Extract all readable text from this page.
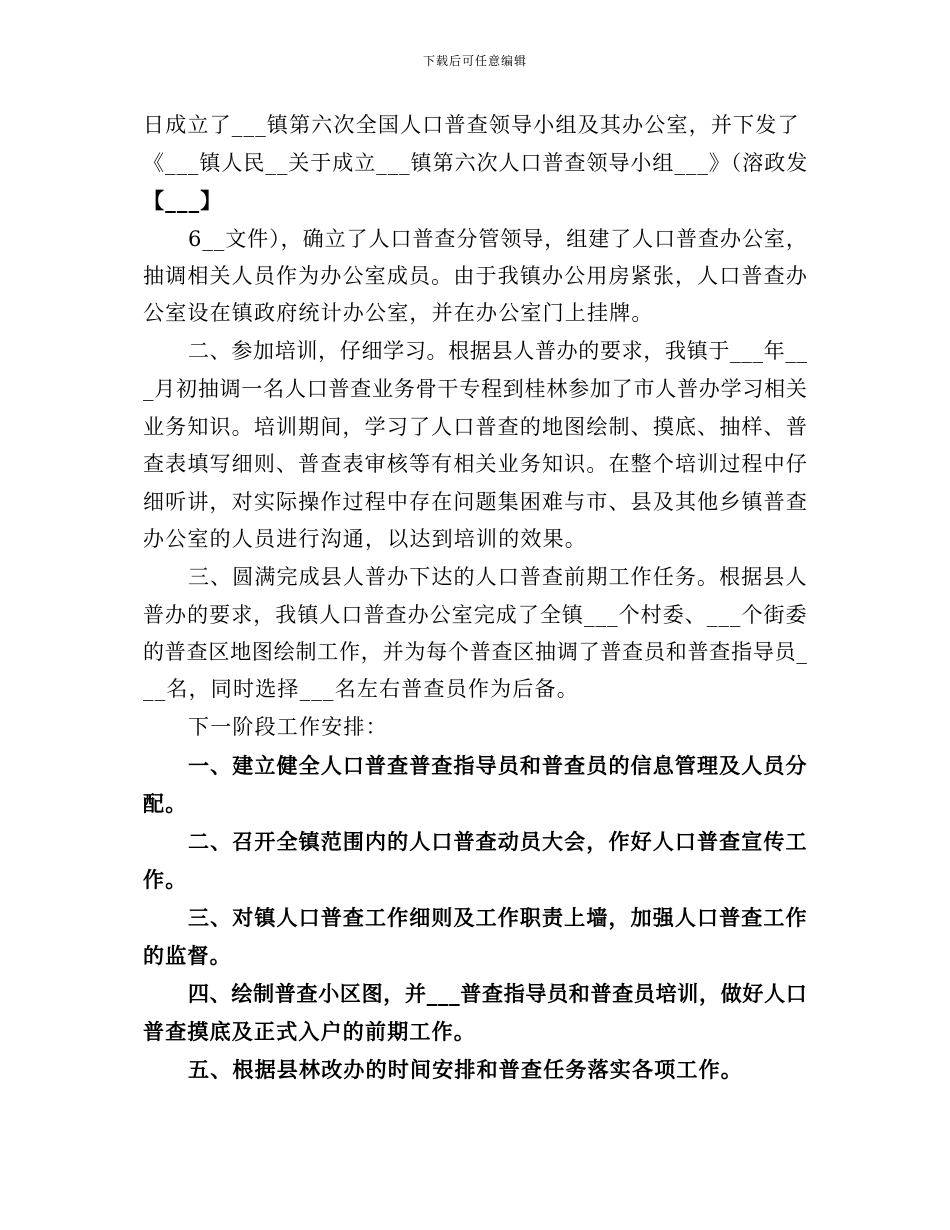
下载后可任意编辑
日成立了___镇第六次全国人口普查领导小组及其办公室，并下发了
《___镇人民__关于成立___镇第六次人口普查领导小组___》（溶政发
【___】
6__文件），确立了人口普查分管领导，组建了人口普查办公室，
抽调相关人员作为办公室成员。由于我镇办公用房紧张，人口普查办
公室设在镇政府统计办公室，并在办公室门上挂牌。
二、参加培训，仔细学习。根据县人普办的要求，我镇于___年__
_月初抽调一名人口普查业务骨干专程到桂林参加了市人普办学习相关
业务知识。培训期间，学习了人口普查的地图绘制、摸底、抽样、普
查表填写细则、普查表审核等有相关业务知识。在整个培训过程中仔
细听讲，对实际操作过程中存在问题集困难与市、县及其他乡镇普查
办公室的人员进行沟通，以达到培训的效果。
三、圆满完成县人普办下达的人口普查前期工作任务。根据县人
普办的要求，我镇人口普查办公室完成了全镇___个村委、___个街委
的普查区地图绘制工作，并为每个普查区抽调了普查员和普查指导员_
__名，同时选择___名左右普查员作为后备。
下一阶段工作安排：
一、建立健全人口普查普查指导员和普查员的信息管理及人员分
配。
二、召开全镇范围内的人口普查动员大会，作好人口普查宣传工
作。
三、对镇人口普查工作细则及工作职责上墙，加强人口普查工作
的监督。
四、绘制普查小区图，并___普查指导员和普查员培训，做好人口
普查摸底及正式入户的前期工作。
五、根据县林改办的时间安排和普查任务落实各项工作。
